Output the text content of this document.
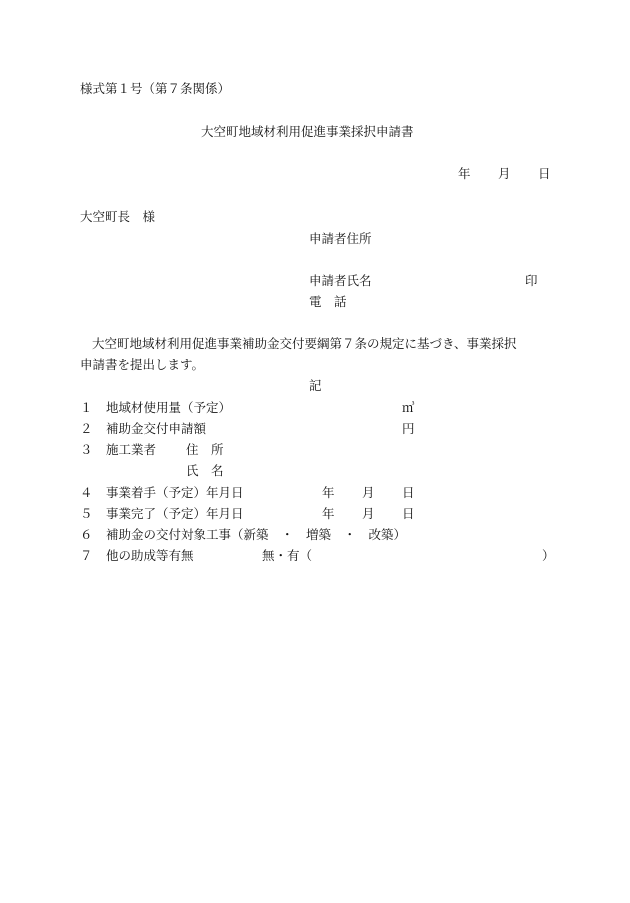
様式第１号（第７条関係）
大空町地域材利用促進事業採択申請書
年 月 日
大空町長　様
申請者住所
申請者氏名	印
電　話
大空町地域材利用促進事業補助金交付要綱第７条の規定に基づき、事業採択
申請書を提出します。
記
１ 地域材使用量（予定）	㎥
２ 補助金交付申請額	円
３ 施工業者 住　所
氏　名
４ 事業着手（予定）年月日	年 月 日
５ 事業完了（予定）年月日	年 月 日
６ 補助金の交付対象工事（新築　・　増築　・　改築）
７ 他の助成等有無	無・有（	）
